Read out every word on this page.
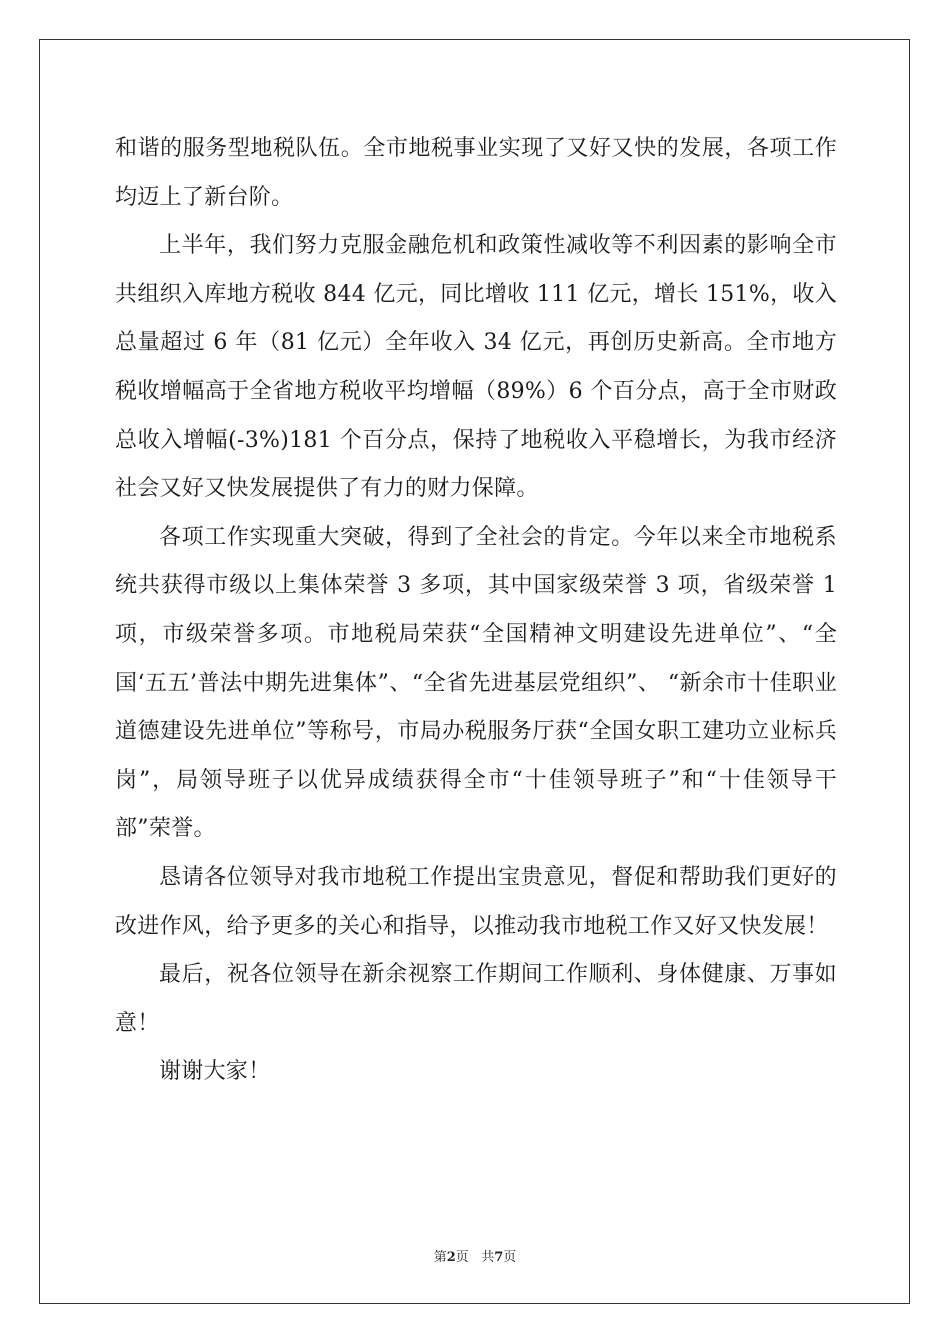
和谐的服务型地税队伍。全市地税事业实现了又好又快的发展，各项工作均迈上了新台阶。

上半年，我们努力克服金融危机和政策性减收等不利因素的影响全市共组织入库地方税收 844 亿元，同比增收 111 亿元，增长 151%，收入总量超过 6 年（81 亿元）全年收入 34 亿元，再创历史新高。全市地方税收增幅高于全省地方税收平均增幅（89%）6 个百分点，高于全市财政总收入增幅(-3%)181 个百分点，保持了地税收入平稳增长，为我市经济社会又好又快发展提供了有力的财力保障。

各项工作实现重大突破，得到了全社会的肯定。今年以来全市地税系统共获得市级以上集体荣誉 3 多项，其中国家级荣誉 3 项，省级荣誉 1 项，市级荣誉多项。市地税局荣获“全国精神文明建设先进单位”、“全国‘五五’普法中期先进集体”、“全省先进基层党组织”、 “新余市十佳职业道德建设先进单位”等称号，市局办税服务厅获“全国女职工建功立业标兵岗”，局领导班子以优异成绩获得全市“十佳领导班子”和“十佳领导干部”荣誉。

恳请各位领导对我市地税工作提出宝贵意见，督促和帮助我们更好的改进作风，给予更多的关心和指导，以推动我市地税工作又好又快发展！

最后，祝各位领导在新余视察工作期间工作顺利、身体健康、万事如意！

谢谢大家！

第2页 共7页
